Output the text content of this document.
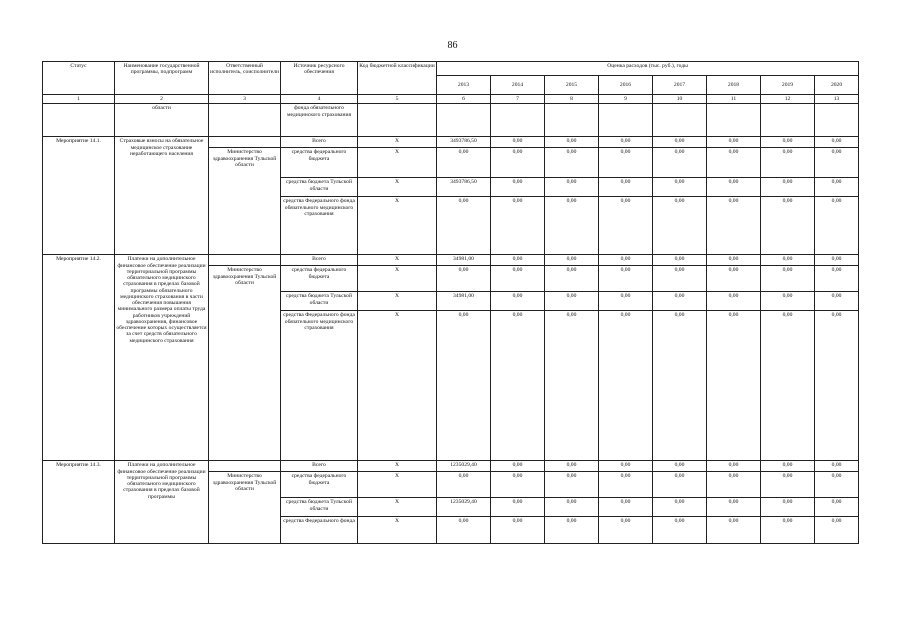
86
Статус	Наименование государственной программы, подпрограмм	Ответственный исполнитель, соисполнители	Источник ресурсного обеспечения	Код бюджетной классификации	Оценка расходов (тыс. руб.), годы							
					2013	2014	2015	2016	2017	2018	2019	2020
1	2	3	4	5	6	7	8	9	10	11	12	13
	области		фонда обязательного медицинского страхования									
Мероприятие 14.1.	Страховые взносы на обязательное медицинское страхование неработающего населения		Всего	X	3493786,50	0,00	0,00	0,00	0,00	0,00	0,00	0,00
		Министерство здравоохранения Тульской области	средства федерального бюджета	X	0,00	0,00	0,00	0,00	0,00	0,00	0,00	0,00
			средства бюджета Тульской области	X	3493786,50	0,00	0,00	0,00	0,00	0,00	0,00	0,00
			средства Федерального фонда обязательного медицинского страхования	X	0,00	0,00	0,00	0,00	0,00	0,00	0,00	0,00
Мероприятие 14.2.	Платежи на дополнительное финансовое обеспечение реализации территориальной программы обязательного медицинского страхования в пределах базовой программы обязательного медицинского страхования в части обеспечения повышения минимального размера оплаты труда работников учреждений здравоохранения, финансовое обеспечение которых осуществляется за счет средств обязательного медицинского страхования		Всего	X	34981,00	0,00	0,00	0,00	0,00	0,00	0,00	0,00
		Министерство здравоохранения Тульской области	средства федерального бюджета	X	0,00	0,00	0,00	0,00	0,00	0,00	0,00	0,00
			средства бюджета Тульской области	X	34981,00	0,00	0,00	0,00	0,00	0,00	0,00	0,00
			средства Федерального фонда обязательного медицинского страхования	X	0,00	0,00	0,00	0,00	0,00	0,00	0,00	0,00
Мероприятие 14.3.	Платежи на дополнительное финансовое обеспечение реализации территориальной программы обязательного медицинского страхования в пределах базовой программы		Всего	X	1235029,40	0,00	0,00	0,00	0,00	0,00	0,00	0,00
		Министерство здравоохранения Тульской области	средства федерального бюджета	X	0,00	0,00	0,00	0,00	0,00	0,00	0,00	0,00
			средства бюджета Тульской области	X	1235029,40	0,00	0,00	0,00	0,00	0,00	0,00	0,00
			средства Федерального фонда	X	0,00	0,00	0,00	0,00	0,00	0,00	0,00	0,00
